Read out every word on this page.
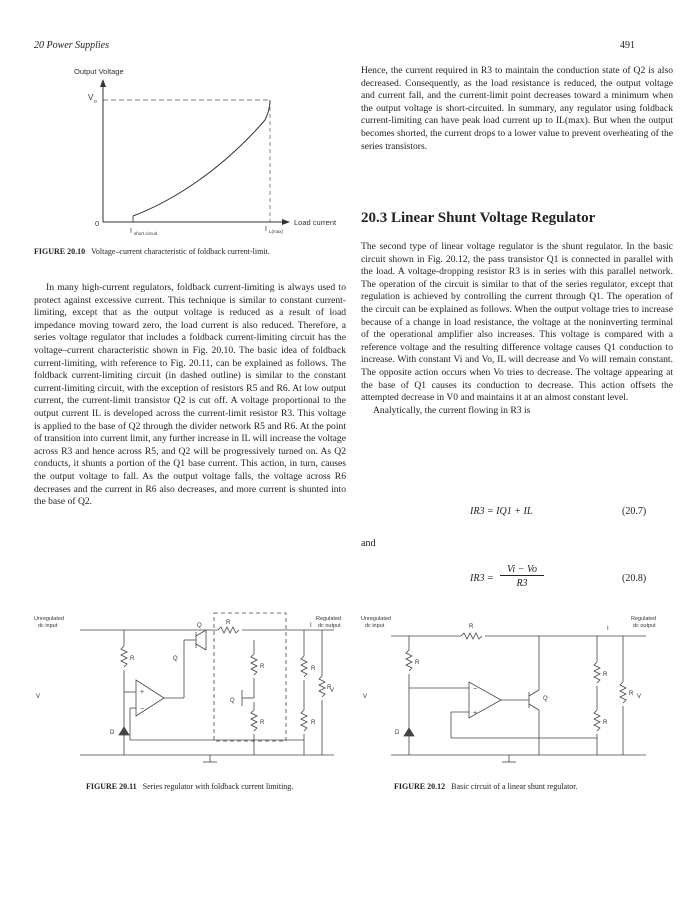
20 Power Supplies	491
Output Voltage
V o
0
I short circuit
I L(max)
Load current
FIGURE 20.10 Voltage–current characteristic of foldback current-limit.

In many high-current regulators, foldback current-limiting is always used to protect against excessive current. This technique is similar to constant current-limiting, except that as the output voltage is reduced as a result of load impedance moving toward zero, the load current is also reduced. Therefore, a series voltage regulator that includes a foldback current-limiting circuit has the voltage–current characteristic shown in Fig. 20.10. The basic idea of foldback current-limiting, with reference to Fig. 20.11, can be explained as follows. The foldback current-limiting circuit (in dashed outline) is similar to the constant current-limiting circuit, with the exception of resistors R5 and R6. At low output current, the current-limit transistor Q2 is cut off. A voltage proportional to the output current IL is developed across the current-limit resistor R3. This voltage is applied to the base of Q2 through the divider network R5 and R6. At the point of transition into current limit, any further increase in IL will increase the voltage across R3 and hence across R5, and Q2 will be progressively turned on. As Q2 conducts, it shunts a portion of the Q1 base current. This action, in turn, causes the output voltage to fall. As the output voltage falls, the voltage across R6 decreases and the current in R6 also decreases, and more current is shunted into the base of Q2.

Hence, the current required in R3 to maintain the conduction state of Q2 is also decreased. Consequently, as the load resistance is reduced, the output voltage and current fall, and the current-limit point decreases toward a minimum when the output voltage is short-circuited. In summary, any regulator using foldback current-limiting can have peak load current up to IL(max). But when the output becomes shorted, the current drops to a lower value to prevent overheating of the series transistors.

20.3 Linear Shunt Voltage Regulator

The second type of linear voltage regulator is the shunt regulator. In the basic circuit shown in Fig. 20.12, the pass transistor Q1 is connected in parallel with the load. A voltage-dropping resistor R3 is in series with this parallel network. The operation of the circuit is similar to that of the series regulator, except that regulation is achieved by controlling the current through Q1. The operation of the circuit can be explained as follows. When the output voltage tries to increase because of a change in load resistance, the voltage at the noninverting terminal of the operational amplifier also increases. This voltage is compared with a reference voltage and the resulting difference voltage causes Q1 conduction to increase. With constant Vi and Vo, IL will decrease and Vo will remain constant. The opposite action occurs when Vo tries to decrease. The voltage appearing at the base of Q1 causes its conduction to decrease. This action offsets the attempted decrease in V0 and maintains it at an almost constant level.

Analytically, the current flowing in R3 is

IR3 = IQ1 + IL	(20.7)
and
IR3 =
Vi − Vo
R3	(20.8)
Unregulated
dc input
Regulated
dc output
V
V
I
Q
Q
Q
R
R
R
R
R
R
R
D
+
−
FIGURE 20.11 Series regulator with foldback current limiting.
Unregulated
dc input
Regulated
dc output
V	V
I
Q
R
R
R
R
R
D
−
+
FIGURE 20.12 Basic circuit of a linear shunt regulator.
